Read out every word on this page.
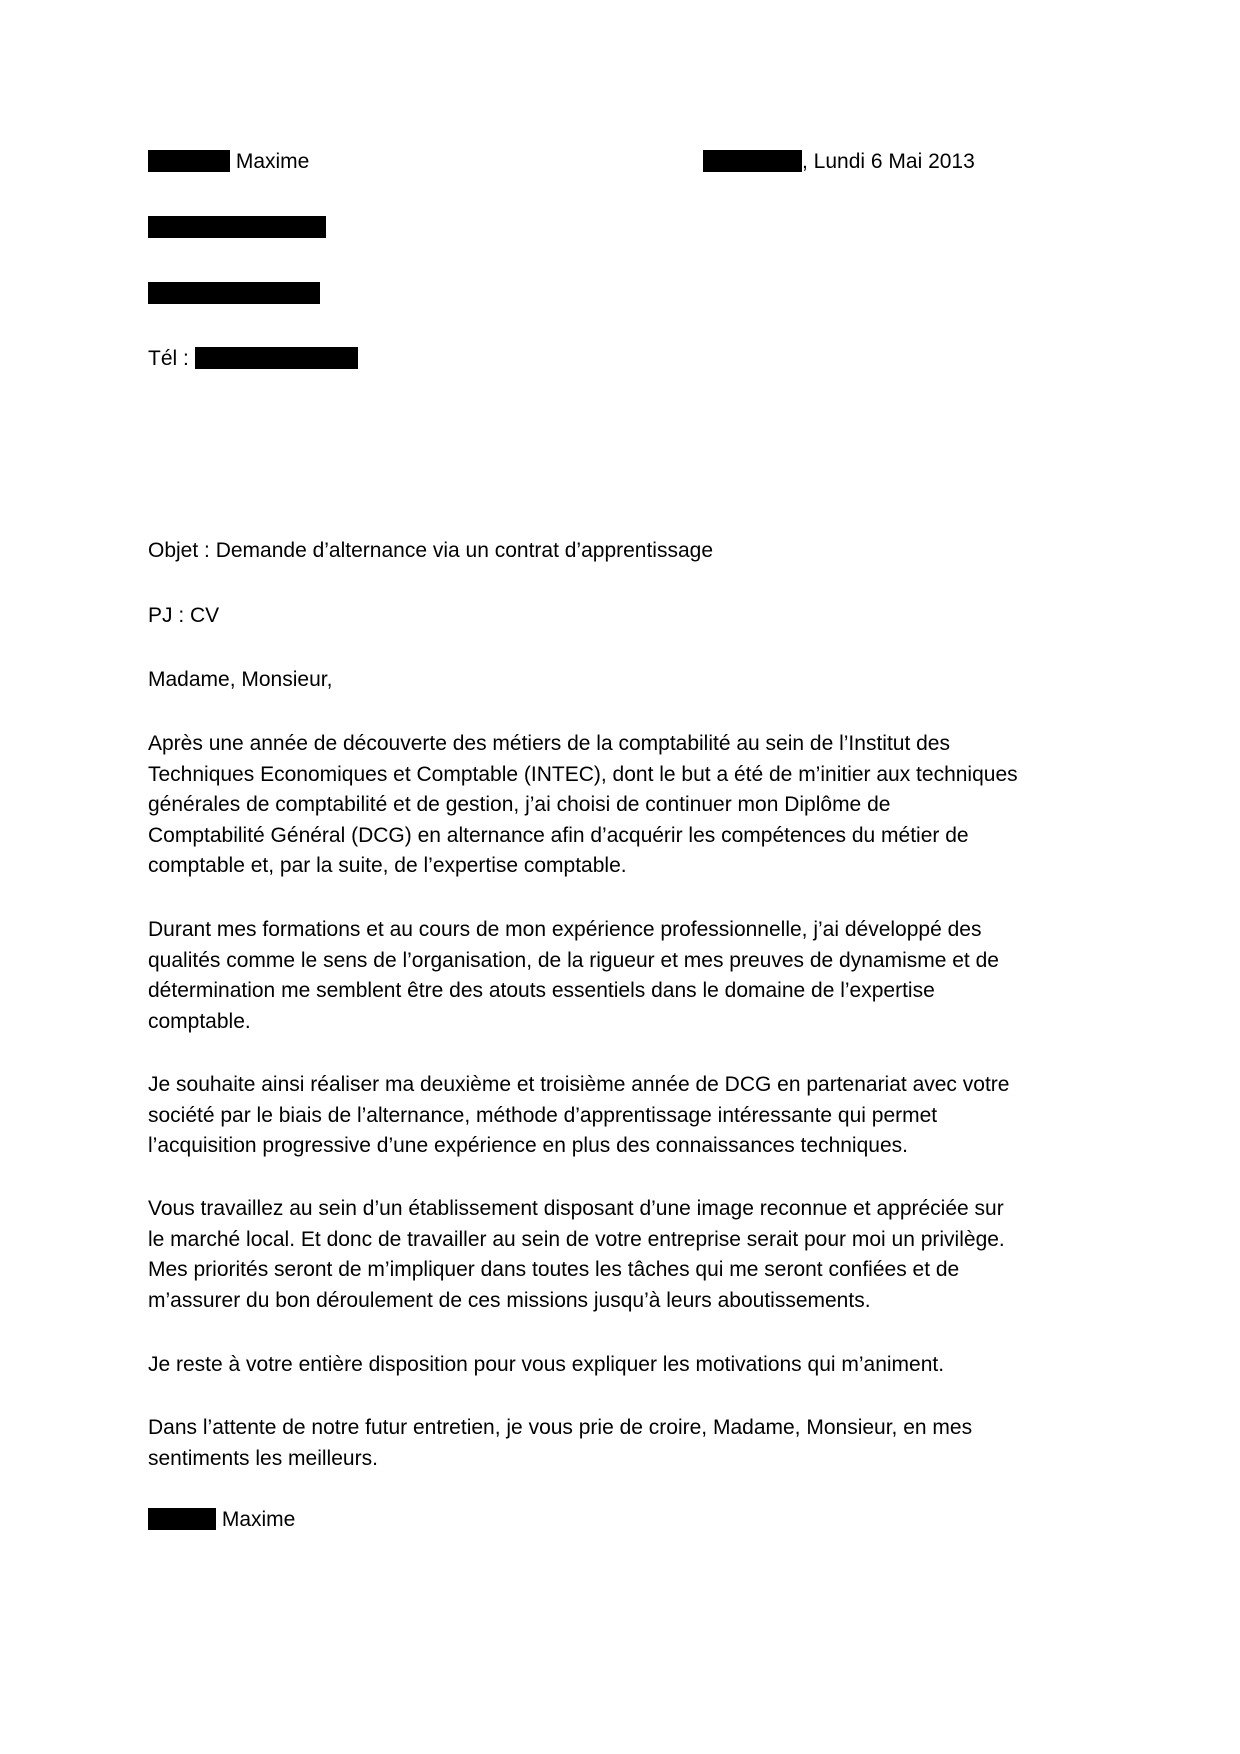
Maxime	, Lundi 6 Mai 2013
Tél :
Objet : Demande d’alternance via un contrat d’apprentissage
PJ : CV
Madame, Monsieur,

Après une année de découverte des métiers de la comptabilité au sein de l’Institut des
Techniques Economiques et Comptable (INTEC), dont le but a été de m’initier aux techniques
générales de comptabilité et de gestion, j’ai choisi de continuer mon Diplôme de
Comptabilité Général (DCG) en alternance afin d’acquérir les compétences du métier de
comptable et, par la suite, de l’expertise comptable.

Durant mes formations et au cours de mon expérience professionnelle, j’ai développé des
qualités comme le sens de l’organisation, de la rigueur et mes preuves de dynamisme et de
détermination me semblent être des atouts essentiels dans le domaine de l’expertise
comptable.

Je souhaite ainsi réaliser ma deuxième et troisième année de DCG en partenariat avec votre
société par le biais de l’alternance, méthode d’apprentissage intéressante qui permet
l’acquisition progressive d’une expérience en plus des connaissances techniques.

Vous travaillez au sein d’un établissement disposant d’une image reconnue et appréciée sur
le marché local. Et donc de travailler au sein de votre entreprise serait pour moi un privilège.
Mes priorités seront de m’impliquer dans toutes les tâches qui me seront confiées et de
m’assurer du bon déroulement de ces missions jusqu’à leurs aboutissements.

Je reste à votre entière disposition pour vous expliquer les motivations qui m’animent.

Dans l’attente de notre futur entretien, je vous prie de croire, Madame, Monsieur, en mes
sentiments les meilleurs.

Maxime
